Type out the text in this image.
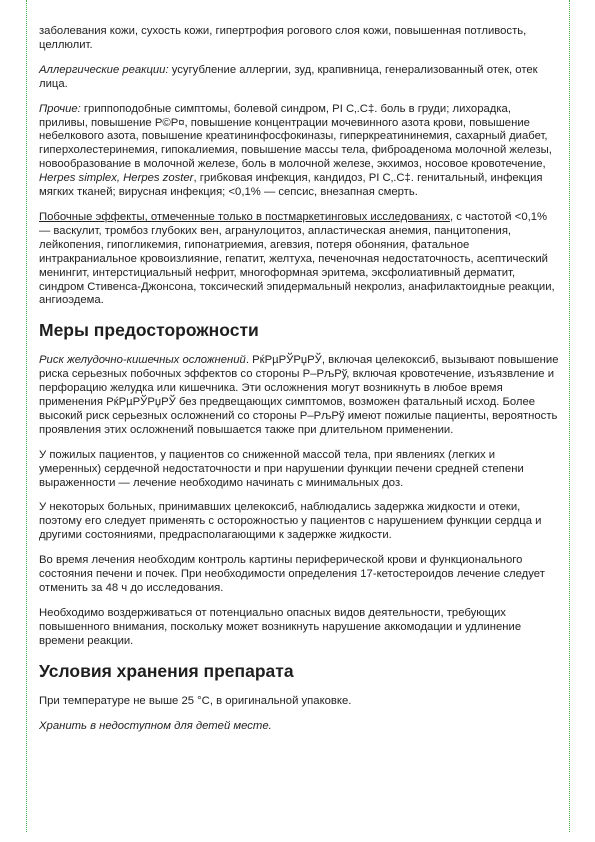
заболевания кожи, сухость кожи, гипертрофия рогового слоя кожи, повышенная потливость, целлюлит.

Аллергические реакции: усугубление аллергии, зуд, крапивница, генерализованный отек, отек лица.

Прочие: гриппоподобные симптомы, болевой синдром, РІ С‚.С‡. боль в груди; лихорадка, приливы, повышение Р©Р¤, повышение концентрации мочевинного азота крови, повышение небелкового азота, повышение креатининфосфокиназы, гиперкреатининемия, сахарный диабет, гиперхолестеринемия, гипокалиемия, повышение массы тела, фиброаденома молочной железы, новообразование в молочной железе, боль в молочной железе, экхимоз, носовое кровотечение, Herpes simplex, Herpes zoster, грибковая инфекция, кандидоз, РІ С‚.С‡. генитальный, инфекция мягких тканей; вирусная инфекция; <0,1% — сепсис, внезапная смерть.

Побочные эффекты, отмеченные только в постмаркетинговых исследованиях, с частотой <0,1% — васкулит, тромбоз глубоких вен, агранулоцитоз, апластическая анемия, панцитопения, лейкопения, гипогликемия, гипонатриемия, агевзия, потеря обоняния, фатальное интракраниальное кровоизлияние, гепатит, желтуха, печеночная недостаточность, асептический менингит, интерстициальный нефрит, многоформная эритема, эксфолиативный дерматит, синдром Стивенса-Джонсона, токсический эпидермальный некролиз, анафилактоидные реакции, ангиоэдема.

Меры предосторожности

Риск желудочно-кишечных осложнений. РќРµРЎРџРЎ, включая целекоксиб, вызывают повышение риска серьезных побочных эффектов со стороны Р–РљРў, включая кровотечение, изъязвление и перфорацию желудка или кишечника. Эти осложнения могут возникнуть в любое время применения РќРµРЎРџРЎ без предвещающих симптомов, возможен фатальный исход. Более высокий риск серьезных осложнений со стороны Р–РљРў имеют пожилые пациенты, вероятность проявления этих осложнений повышается также при длительном применении.

У пожилых пациентов, у пациентов со сниженной массой тела, при явлениях (легких и умеренных) сердечной недостаточности и при нарушении функции печени средней степени выраженности — лечение необходимо начинать с минимальных доз.

У некоторых больных, принимавших целекоксиб, наблюдались задержка жидкости и отеки, поэтому его следует применять с осторожностью у пациентов с нарушением функции сердца и другими состояниями, предрасполагающими к задержке жидкости.

Во время лечения необходим контроль картины периферической крови и функционального состояния печени и почек. При необходимости определения 17-кетостероидов лечение следует отменить за 48 ч до исследования.

Необходимо воздерживаться от потенциально опасных видов деятельности, требующих повышенного внимания, поскольку может возникнуть нарушение аккомодации и удлинение времени реакции.

Условия хранения препарата

При температуре не выше 25 °С, в оригинальной упаковке.

Хранить в недоступном для детей месте.
